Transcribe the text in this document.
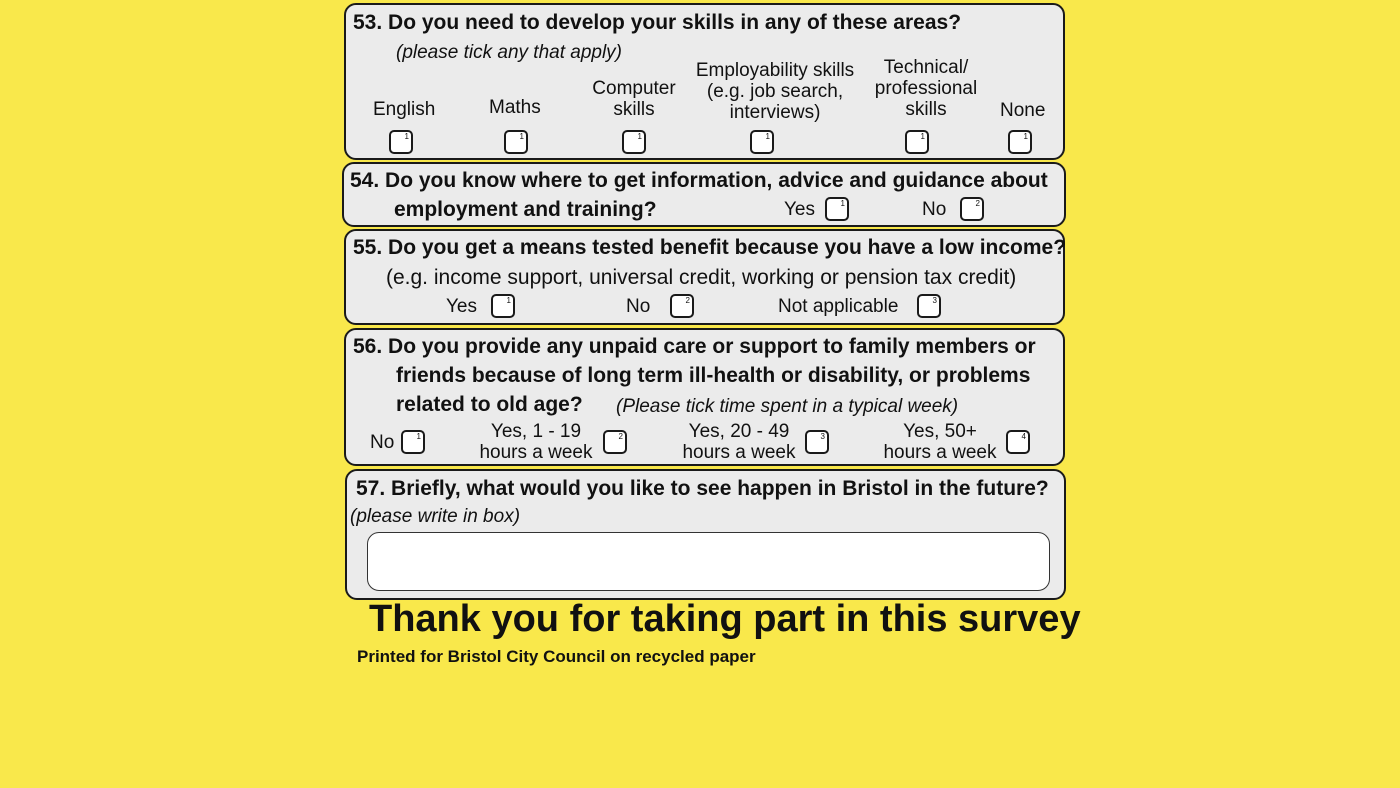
53. Do you need to develop your skills in any of these areas?
(please tick any that apply)
English
1
Maths
1
Computer skills
1
Employability skills (e.g. job search, interviews)
1
Technical/ professional skills
1
None
1
54. Do you know where to get information, advice and guidance about
employment and training?	Yes	1	No	2
55. Do you get a means tested benefit because you have a low income?
(e.g. income support, universal credit, working or pension tax credit)
Yes	1	No	2	Not applicable	3
56. Do you provide any unpaid care or support to family members or
friends because of long term ill-health or disability, or problems
related to old age? (Please tick time spent in a typical week)
No	1	Yes, 1 - 19 hours a week
2	Yes, 20 - 49 hours a week
3	Yes, 50+ hours a week
4
57. Briefly, what would you like to see happen in Bristol in the future?
(please write in box)
Thank you for taking part in this survey
Printed for Bristol City Council on recycled paper
